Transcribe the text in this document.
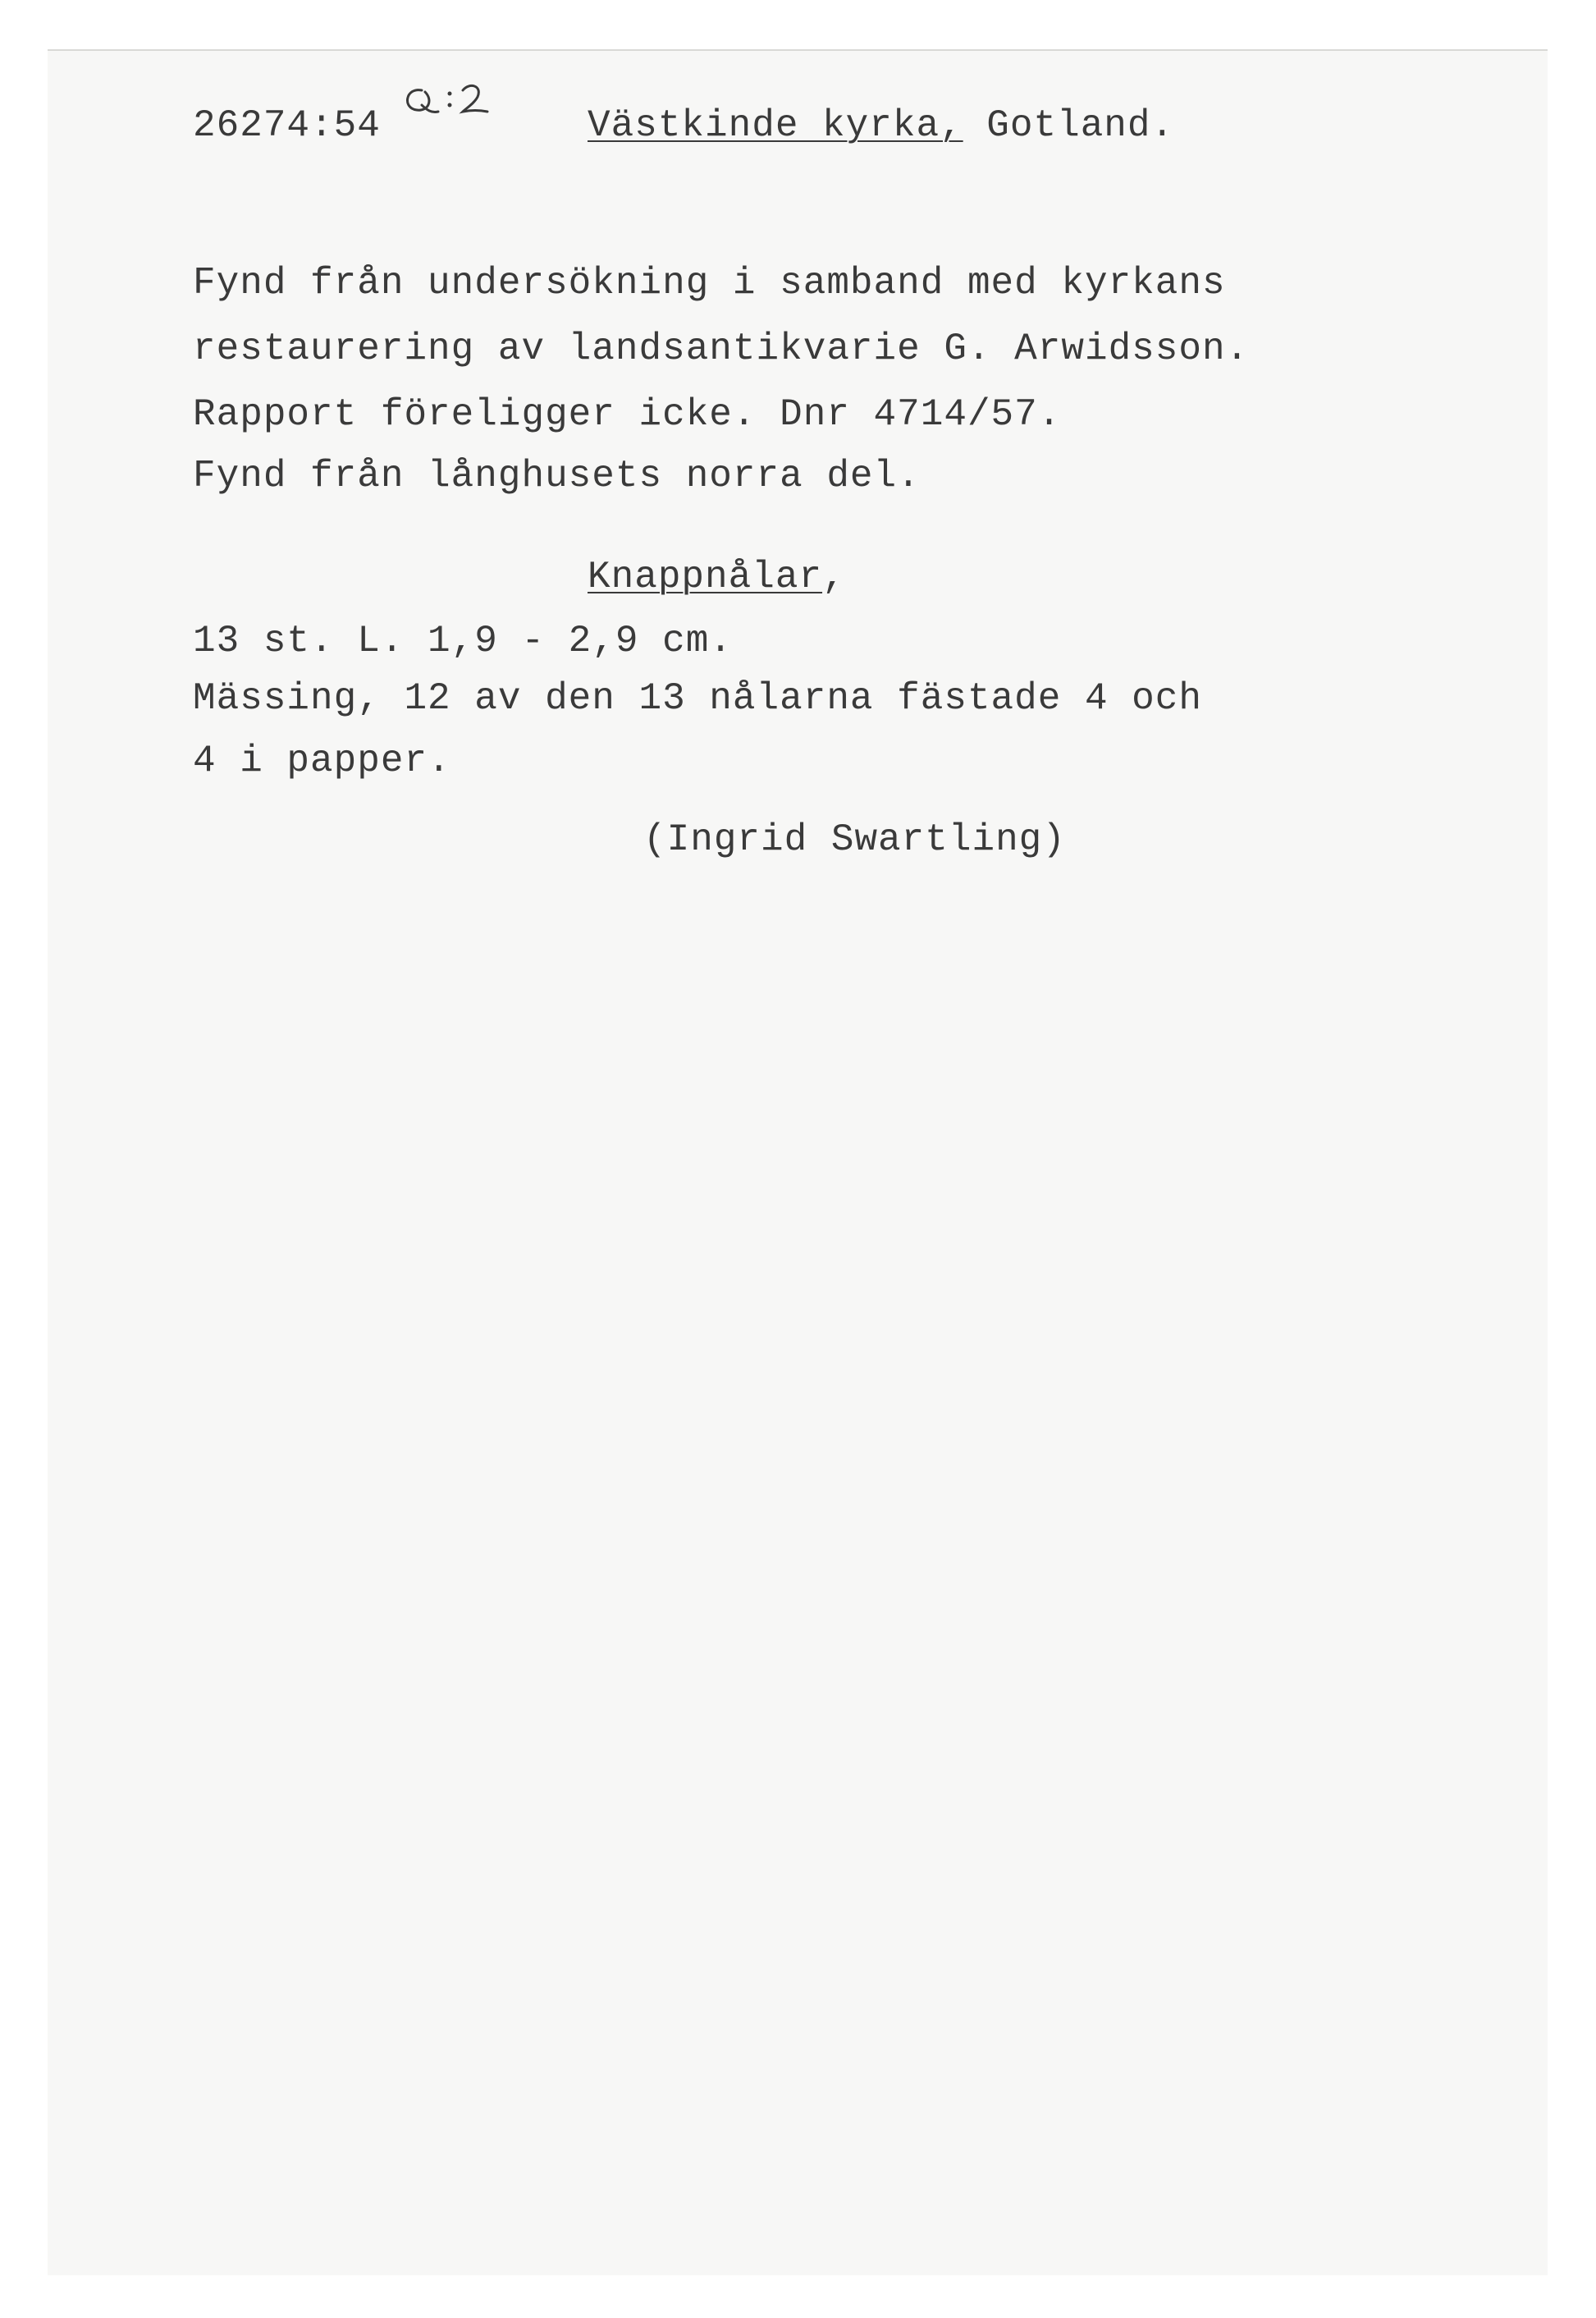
26274:54	Västkinde kyrka, Gotland.
Fynd från undersökning i samband med kyrkans
restaurering av landsantikvarie G. Arwidsson.
Rapport föreligger icke. Dnr 4714/57.
Fynd från långhusets norra del.
Knappnålar,
13 st. L. 1,9 - 2,9 cm.
Mässing, 12 av den 13 nålarna fästade 4 och
4 i papper.
(Ingrid Swartling)
